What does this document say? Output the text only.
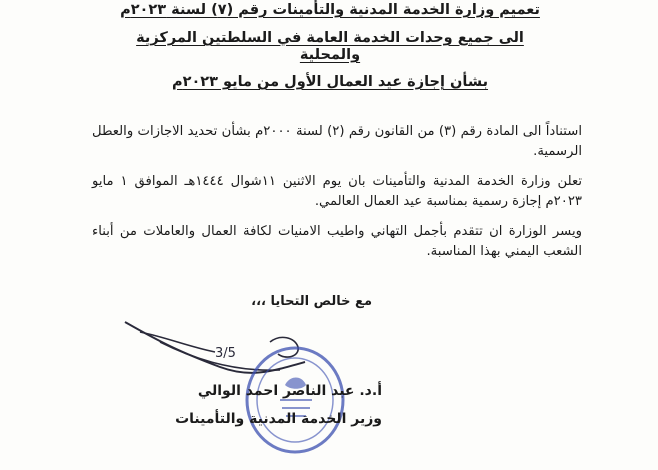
تعميم وزارة الخدمة المدنية والتأمينات رقم (٧) لسنة ٢٠٢٣م

الى جميع وحدات الخدمة العامة في السلطتين المركزية والمحلية

بشأن إجازة عيد العمال الأول من مايو ٢٠٢٣م

استناداً الى المادة رقم (٣) من القانون رقم (٢) لسنة ٢٠٠٠م بشأن تحديد الاجازات والعطل الرسمية.

تعلن وزارة الخدمة المدنية والتأمينات بان يوم الاثنين ١١شوال ١٤٤٤هـ الموافق ١ مايو ٢٠٢٣م إجازة رسمية بمناسبة عيد العمال العالمي.

ويسر الوزارة ان تتقدم بأجمل التهاني واطيب الامنيات لكافة العمال والعاملات من أبناء الشعب اليمني بهذا المناسبة.

مع خالص التحايا ،،،
3/5
أ.د. عبد الناصر احمد الوالي
وزير الخدمة المدنية والتأمينات
